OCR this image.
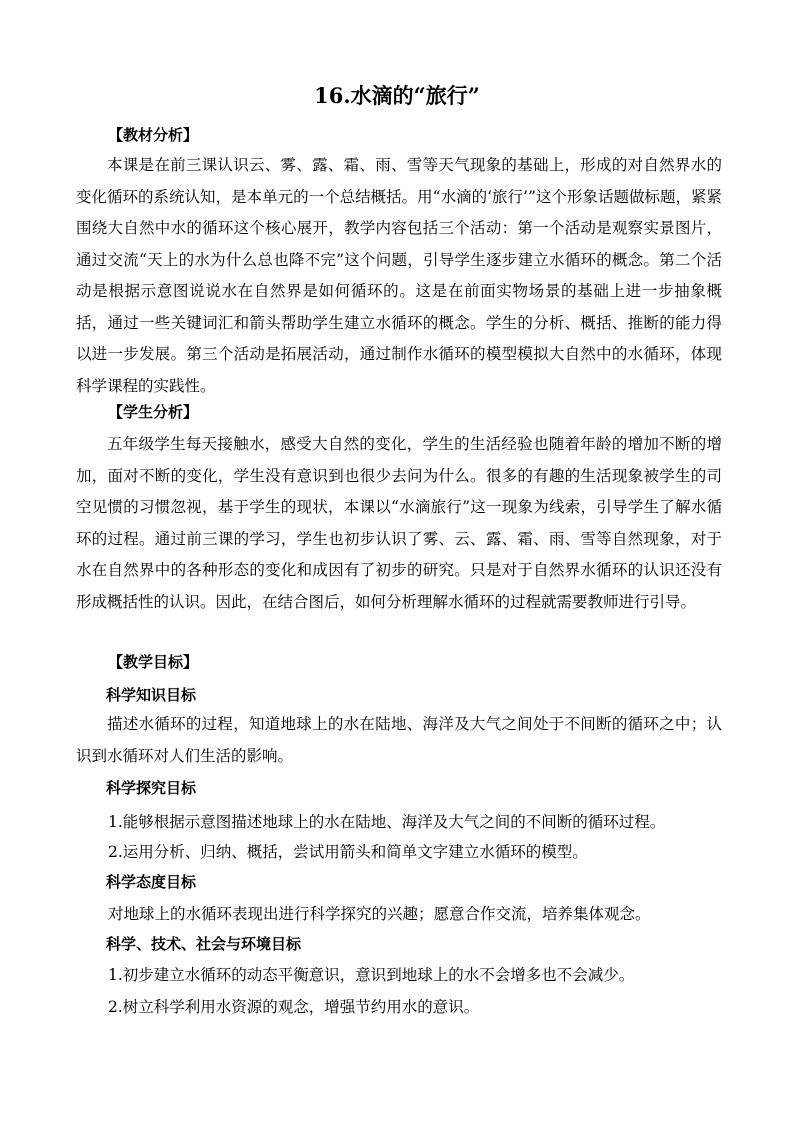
16.水滴的“旅行”
【教材分析】

本课是在前三课认识云、雾、露、霜、雨、雪等天气现象的基础上，形成的对自然界水的变化循环的系统认知，是本单元的一个总结概括。用“水滴的‘旅行’”这个形象话题做标题，紧紧围绕大自然中水的循环这个核心展开，教学内容包括三个活动：第一个活动是观察实景图片，通过交流“天上的水为什么总也降不完”这个问题，引导学生逐步建立水循环的概念。第二个活动是根据示意图说说水在自然界是如何循环的。这是在前面实物场景的基础上进一步抽象概括，通过一些关键词汇和箭头帮助学生建立水循环的概念。学生的分析、概括、推断的能力得以进一步发展。第三个活动是拓展活动，通过制作水循环的模型模拟大自然中的水循环，体现科学课程的实践性。

【学生分析】

五年级学生每天接触水，感受大自然的变化，学生的生活经验也随着年龄的增加不断的增加，面对不断的变化，学生没有意识到也很少去问为什么。很多的有趣的生活现象被学生的司空见惯的习惯忽视，基于学生的现状，本课以“水滴旅行”这一现象为线索，引导学生了解水循环的过程。通过前三课的学习，学生也初步认识了雾、云、露、霜、雨、雪等自然现象，对于水在自然界中的各种形态的变化和成因有了初步的研究。只是对于自然界水循环的认识还没有形成概括性的认识。因此，在结合图后，如何分析理解水循环的过程就需要教师进行引导。

【教学目标】
科学知识目标

描述水循环的过程，知道地球上的水在陆地、海洋及大气之间处于不间断的循环之中；认识到水循环对人们生活的影响。

科学探究目标
1.能够根据示意图描述地球上的水在陆地、海洋及大气之间的不间断的循环过程。
2.运用分析、归纳、概括，尝试用箭头和简单文字建立水循环的模型。
科学态度目标
对地球上的水循环表现出进行科学探究的兴趣；愿意合作交流，培养集体观念。
科学、技术、社会与环境目标
1.初步建立水循环的动态平衡意识，意识到地球上的水不会增多也不会减少。
2.树立科学利用水资源的观念，增强节约用水的意识。
